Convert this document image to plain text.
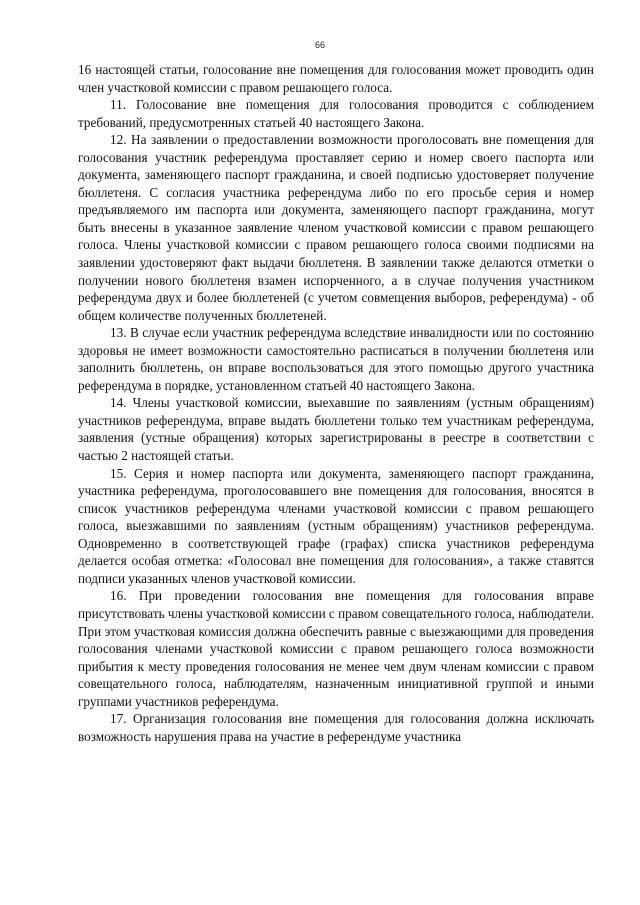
66

16 настоящей статьи, голосование вне помещения для голосования может проводить один член участковой комиссии с правом решающего голоса.

11. Голосование вне помещения для голосования проводится с соблюдением требований, предусмотренных статьей 40 настоящего Закона.

12. На заявлении о предоставлении возможности проголосовать вне помещения для голосования участник референдума проставляет серию и номер своего паспорта или документа, заменяющего паспорт гражданина, и своей подписью удостоверяет получение бюллетеня. С согласия участника референдума либо по его просьбе серия и номер предъявляемого им паспорта или документа, заменяющего паспорт гражданина, могут быть внесены в указанное заявление членом участковой комиссии с правом решающего голоса. Члены участковой комиссии с правом решающего голоса своими подписями на заявлении удостоверяют факт выдачи бюллетеня. В заявлении также делаются отметки о получении нового бюллетеня взамен испорченного, а в случае получения участником референдума двух и более бюллетеней (с учетом совмещения выборов, референдума) - об общем количестве полученных бюллетеней.

13. В случае если участник референдума вследствие инвалидности или по состоянию здоровья не имеет возможности самостоятельно расписаться в получении бюллетеня или заполнить бюллетень, он вправе воспользоваться для этого помощью другого участника референдума в порядке, установленном статьей 40 настоящего Закона.

14. Члены участковой комиссии, выехавшие по заявлениям (устным обращениям) участников референдума, вправе выдать бюллетени только тем участникам референдума, заявления (устные обращения) которых зарегистрированы в реестре в соответствии с частью 2 настоящей статьи.

15. Серия и номер паспорта или документа, заменяющего паспорт гражданина, участника референдума, проголосовавшего вне помещения для голосования, вносятся в список участников референдума членами участковой комиссии с правом решающего голоса, выезжавшими по заявлениям (устным обращениям) участников референдума. Одновременно в соответствующей графе (графах) списка участников референдума делается особая отметка: «Голосовал вне помещения для голосования», а также ставятся подписи указанных членов участковой комиссии.

16. При проведении голосования вне помещения для голосования вправе присутствовать члены участковой комиссии с правом совещательного голоса, наблюдатели. При этом участковая комиссия должна обеспечить равные с выезжающими для проведения голосования членами участковой комиссии с правом решающего голоса возможности прибытия к месту проведения голосования не менее чем двум членам комиссии с правом совещательного голоса, наблюдателям, назначенным инициативной группой и иными группами участников референдума.

17. Организация голосования вне помещения для голосования должна исключать возможность нарушения права на участие в референдуме участника
